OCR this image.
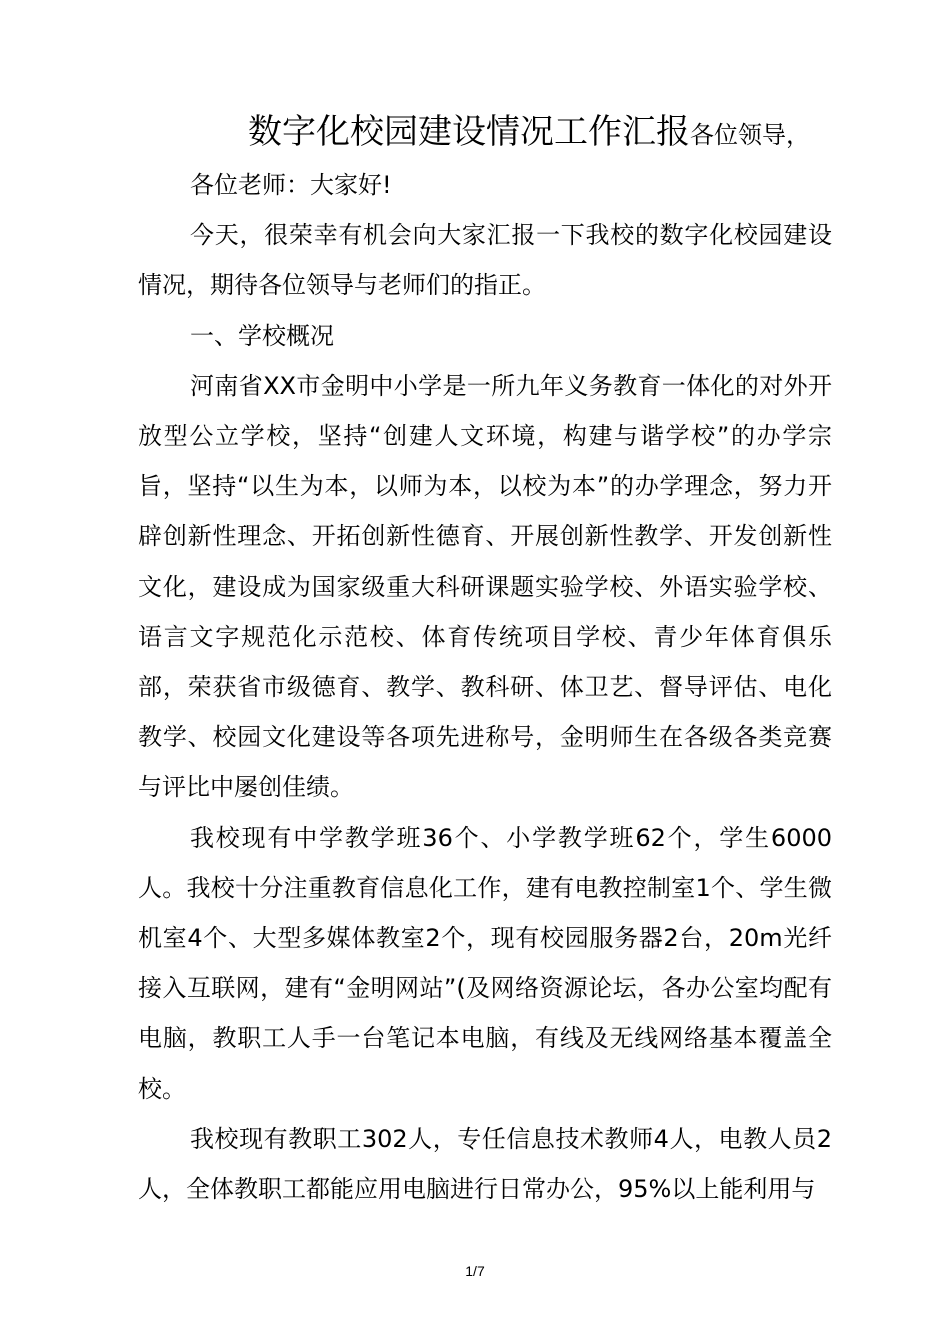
数字化校园建设情况工作汇报各位领导，

各位老师：大家好!

今天，很荣幸有机会向大家汇报一下我校的数字化校园建设情况，期待各位领导与老师们的指正。

一、学校概况

河南省XX市金明中小学是一所九年义务教育一体化的对外开放型公立学校，坚持“创建人文环境，构建与谐学校”的办学宗旨，坚持“以生为本，以师为本，以校为本”的办学理念，努力开辟创新性理念、开拓创新性德育、开展创新性教学、开发创新性文化，建设成为国家级重大科研课题实验学校、外语实验学校、语言文字规范化示范校、体育传统项目学校、青少年体育俱乐部，荣获省市级德育、教学、教科研、体卫艺、督导评估、电化教学、校园文化建设等各项先进称号，金明师生在各级各类竞赛与评比中屡创佳绩。

我校现有中学教学班36个、小学教学班62个，学生6000人。我校十分注重教育信息化工作，建有电教控制室1个、学生微机室4个、大型多媒体教室2个，现有校园服务器2台，20m光纤接入互联网，建有“金明网站”(及网络资源论坛，各办公室均配有电脑，教职工人手一台笔记本电脑，有线及无线网络基本覆盖全校。

我校现有教职工302人，专任信息技术教师4人，电教人员2人，全体教职工都能应用电脑进行日常办公，95%以上能利用与

1/7
